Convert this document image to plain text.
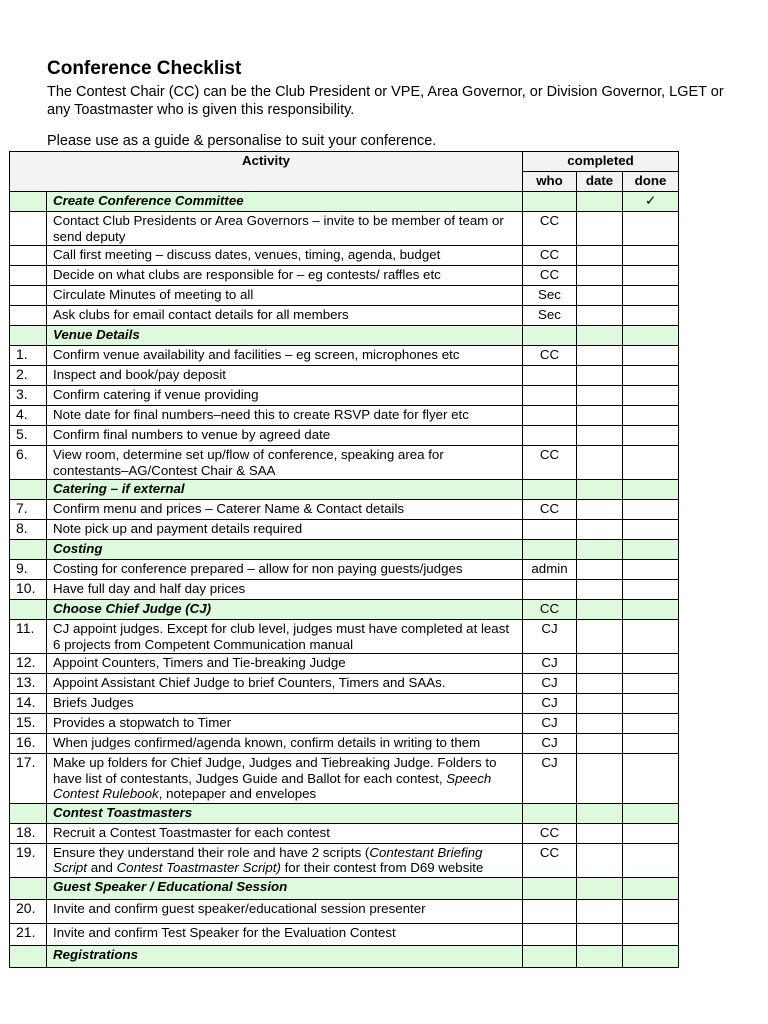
Conference Checklist

The Contest Chair (CC) can be the Club President or VPE, Area Governor, or Division Governor, LGET or any Toastmaster who is given this responsibility.

Please use as a guide & personalise to suit your conference.

Activity		completed		
		who	date	done
	Create Conference Committee			✓
	Contact Club Presidents or Area Governors – invite to be member of team or send deputy	CC		
	Call first meeting – discuss dates, venues, timing, agenda, budget	CC		
	Decide on what clubs are responsible for – eg contests/ raffles etc	CC		
	Circulate Minutes of meeting to all	Sec		
	Ask clubs for email contact details for all members	Sec		
	Venue Details			
1.	Confirm venue availability and facilities – eg screen, microphones etc	CC		
2.	Inspect and book/pay deposit			
3.	Confirm catering if venue providing			
4.	Note date for final numbers–need this to create RSVP date for flyer etc			
5.	Confirm final numbers to venue by agreed date			
6.	View room, determine set up/flow of conference, speaking area for contestants–AG/Contest Chair & SAA	CC		
	Catering – if external			
7.	Confirm menu and prices – Caterer Name & Contact details	CC		
8.	Note pick up and payment details required			
	Costing			
9.	Costing for conference prepared – allow for non paying guests/judges	admin		
10.	Have full day and half day prices			
	Choose Chief Judge (CJ)	CC		
11.	CJ appoint judges. Except for club level, judges must have completed at least 6 projects from Competent Communication manual	CJ		
12.	Appoint Counters, Timers and Tie-breaking Judge	CJ		
13.	Appoint Assistant Chief Judge to brief Counters, Timers and SAAs.	CJ		
14.	Briefs Judges	CJ		
15.	Provides a stopwatch to Timer	CJ		
16.	When judges confirmed/agenda known, confirm details in writing to them	CJ		
17.	Make up folders for Chief Judge, Judges and Tiebreaking Judge. Folders to have list of contestants, Judges Guide and Ballot for each contest, Speech Contest Rulebook, notepaper and envelopes	CJ		
	Contest Toastmasters			
18.	Recruit a Contest Toastmaster for each contest	CC		
19.	Ensure they understand their role and have 2 scripts (Contestant Briefing Script and Contest Toastmaster Script) for their contest from D69 website	CC		
	Guest Speaker / Educational Session			
20.	Invite and confirm guest speaker/educational session presenter			
21.	Invite and confirm Test Speaker for the Evaluation Contest			
	Registrations			
